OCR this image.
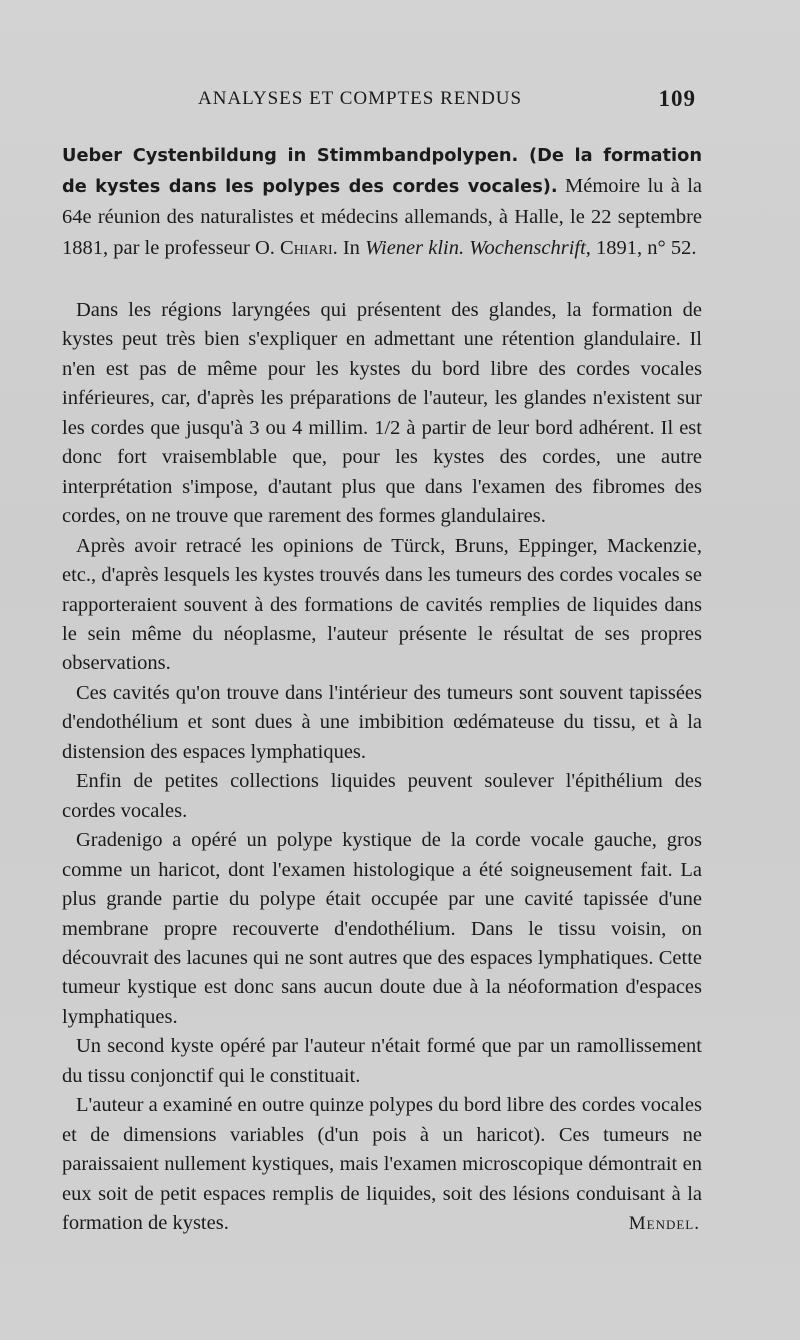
ANALYSES ET COMPTES RENDUS	109
Ueber Cystenbildung in Stimmbandpolypen. (De la formation de kystes dans les polypes des cordes vocales). Mémoire lu à la 64e réunion des naturalistes et médecins allemands, à Halle, le 22 septembre 1881, par le professeur O. Chiari. In Wiener klin. Wochenschrift, 1891, n° 52.

Dans les régions laryngées qui présentent des glandes, la formation de kystes peut très bien s'expliquer en admettant une rétention glandulaire. Il n'en est pas de même pour les kystes du bord libre des cordes vocales inférieures, car, d'après les préparations de l'auteur, les glandes n'existent sur les cordes que jusqu'à 3 ou 4 millim. 1/2 à partir de leur bord adhérent. Il est donc fort vraisemblable que, pour les kystes des cordes, une autre interprétation s'impose, d'autant plus que dans l'examen des fibromes des cordes, on ne trouve que rarement des formes glandulaires.

Après avoir retracé les opinions de Türck, Bruns, Eppinger, Mackenzie, etc., d'après lesquels les kystes trouvés dans les tumeurs des cordes vocales se rapporteraient souvent à des formations de cavités remplies de liquides dans le sein même du néoplasme, l'auteur présente le résultat de ses propres observations.

Ces cavités qu'on trouve dans l'intérieur des tumeurs sont souvent tapissées d'endothélium et sont dues à une imbibition œdémateuse du tissu, et à la distension des espaces lymphatiques.

Enfin de petites collections liquides peuvent soulever l'épithélium des cordes vocales.

Gradenigo a opéré un polype kystique de la corde vocale gauche, gros comme un haricot, dont l'examen histologique a été soigneusement fait. La plus grande partie du polype était occupée par une cavité tapissée d'une membrane propre recouverte d'endothélium. Dans le tissu voisin, on découvrait des lacunes qui ne sont autres que des espaces lymphatiques. Cette tumeur kystique est donc sans aucun doute due à la néoformation d'espaces lymphatiques.

Un second kyste opéré par l'auteur n'était formé que par un ramollissement du tissu conjonctif qui le constituait.

L'auteur a examiné en outre quinze polypes du bord libre des cordes vocales et de dimensions variables (d'un pois à un haricot). Ces tumeurs ne paraissaient nullement kystiques, mais l'examen microscopique démontrait en eux soit de petit espaces remplis de liquides, soit des lésions conduisant à la formation de kystes.	Mendel.
